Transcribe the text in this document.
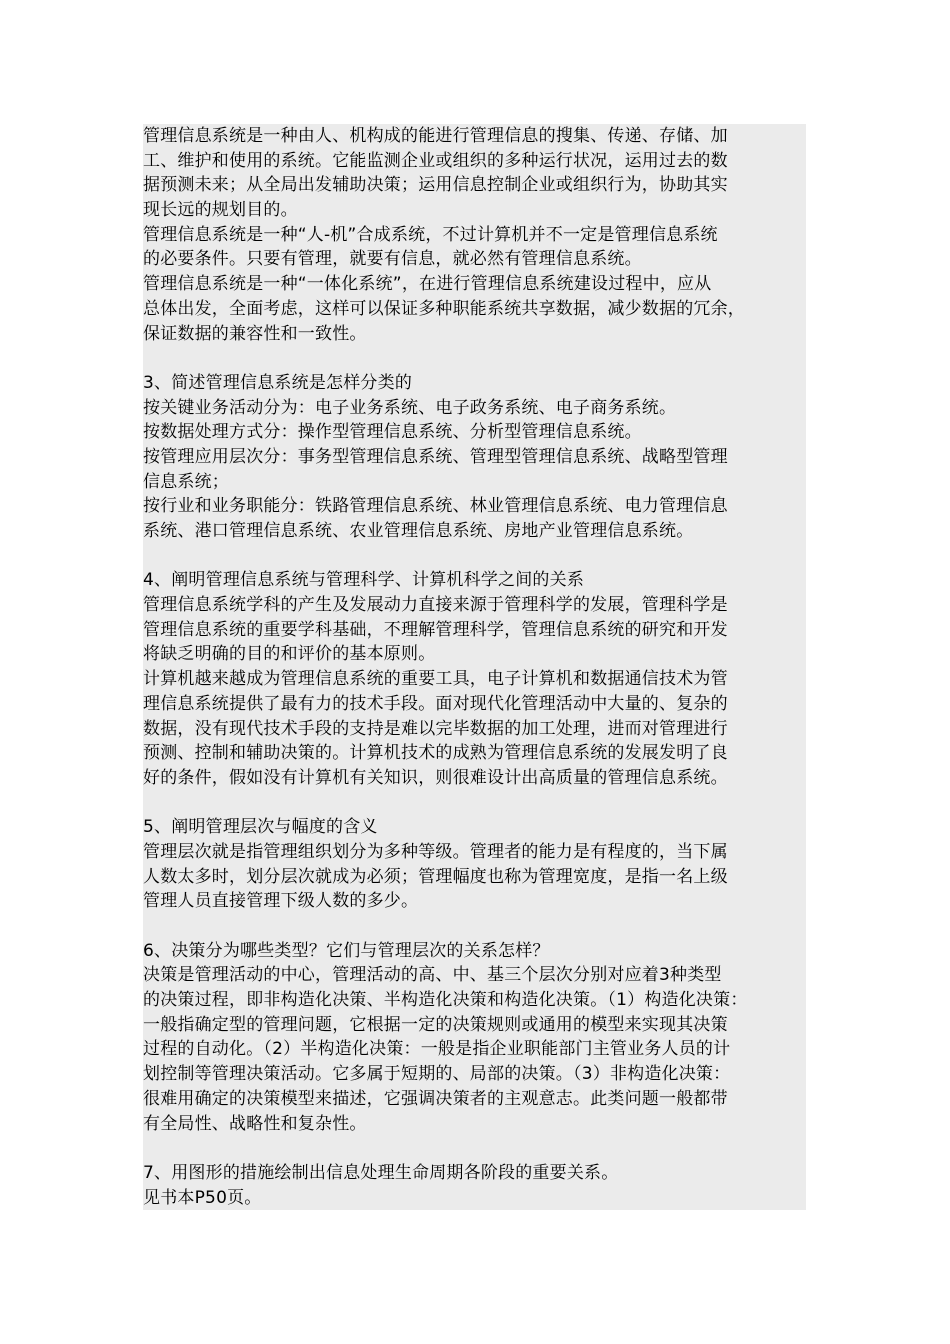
管理信息系统是一种由人、机构成的能进行管理信息的搜集、传递、存储、加
工、维护和使用的系统。它能监测企业或组织的多种运行状况，运用过去的数
据预测未来；从全局出发辅助决策；运用信息控制企业或组织行为，协助其实
现长远的规划目的。
管理信息系统是一种“人-机”合成系统，不过计算机并不一定是管理信息系统
的必要条件。只要有管理，就要有信息，就必然有管理信息系统。
管理信息系统是一种“一体化系统”，在进行管理信息系统建设过程中，应从
总体出发，全面考虑，这样可以保证多种职能系统共享数据，减少数据的冗余，
保证数据的兼容性和一致性。
3、简述管理信息系统是怎样分类的
按关键业务活动分为：电子业务系统、电子政务系统、电子商务系统。
按数据处理方式分：操作型管理信息系统、分析型管理信息系统。
按管理应用层次分：事务型管理信息系统、管理型管理信息系统、战略型管理
信息系统；
按行业和业务职能分：铁路管理信息系统、林业管理信息系统、电力管理信息
系统、港口管理信息系统、农业管理信息系统、房地产业管理信息系统。
4、阐明管理信息系统与管理科学、计算机科学之间的关系
管理信息系统学科的产生及发展动力直接来源于管理科学的发展，管理科学是
管理信息系统的重要学科基础，不理解管理科学，管理信息系统的研究和开发
将缺乏明确的目的和评价的基本原则。
计算机越来越成为管理信息系统的重要工具，电子计算机和数据通信技术为管
理信息系统提供了最有力的技术手段。面对现代化管理活动中大量的、复杂的
数据，没有现代技术手段的支持是难以完毕数据的加工处理，进而对管理进行
预测、控制和辅助决策的。计算机技术的成熟为管理信息系统的发展发明了良
好的条件，假如没有计算机有关知识，则很难设计出高质量的管理信息系统。
5、阐明管理层次与幅度的含义
管理层次就是指管理组织划分为多种等级。管理者的能力是有程度的，当下属
人数太多时，划分层次就成为必须；管理幅度也称为管理宽度，是指一名上级
管理人员直接管理下级人数的多少。
6、决策分为哪些类型？它们与管理层次的关系怎样？
决策是管理活动的中心，管理活动的高、中、基三个层次分别对应着3种类型
的决策过程，即非构造化决策、半构造化决策和构造化决策。（1）构造化决策：
一般指确定型的管理问题，它根据一定的决策规则或通用的模型来实现其决策
过程的自动化。（2）半构造化决策：一般是指企业职能部门主管业务人员的计
划控制等管理决策活动。它多属于短期的、局部的决策。（3）非构造化决策：
很难用确定的决策模型来描述，它强调决策者的主观意志。此类问题一般都带
有全局性、战略性和复杂性。
7、用图形的措施绘制出信息处理生命周期各阶段的重要关系。
见书本P50页。
